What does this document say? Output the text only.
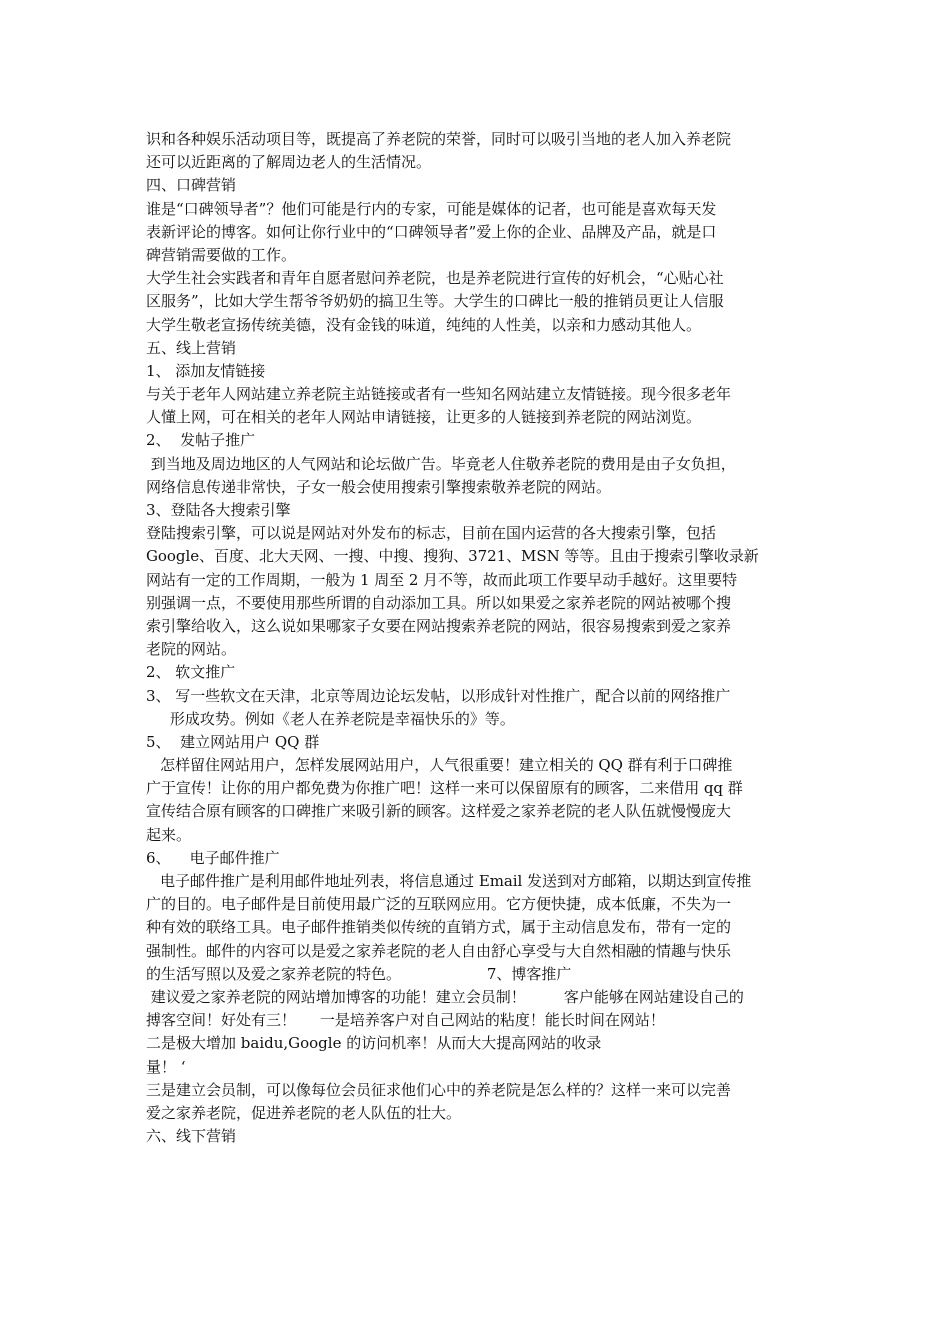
识和各种娱乐活动项目等，既提高了养老院的荣誉，同时可以吸引当地的老人加入养老院
还可以近距离的了解周边老人的生活情况。
四、口碑营销
谁是“口碑领导者”？他们可能是行内的专家，可能是媒体的记者，也可能是喜欢每天发
表新评论的博客。如何让你行业中的“口碑领导者”爱上你的企业、品牌及产品，就是口
碑营销需要做的工作。
大学生社会实践者和青年自愿者慰问养老院，也是养老院进行宣传的好机会，“心贴心社
区服务”，比如大学生帮爷爷奶奶的搞卫生等。大学生的口碑比一般的推销员更让人信服
大学生敬老宣扬传统美德，没有金钱的味道，纯纯的人性美，以亲和力感动其他人。
五、线上营销
1、 添加友情链接
与关于老年人网站建立养老院主站链接或者有一些知名网站建立友情链接。现今很多老年
人懂上网，可在相关的老年人网站申请链接，让更多的人链接到养老院的网站浏览。
2、  发帖子推广
到当地及周边地区的人气网站和论坛做广告。毕竟老人住敬养老院的费用是由子女负担，
网络信息传递非常快，子女一般会使用搜索引擎搜索敬养老院的网站。
3、登陆各大搜索引擎
登陆搜索引擎，可以说是网站对外发布的标志，目前在国内运营的各大搜索引擎，包括
Google、百度、北大天网、一搜、中搜、搜狗、3721、MSN 等等。且由于搜索引擎收录新
网站有一定的工作周期，一般为 1 周至 2 月不等，故而此项工作要早动手越好。这里要特
别强调一点，不要使用那些所谓的自动添加工具。所以如果爱之家养老院的网站被哪个搜
索引擎给收入，这么说如果哪家子女要在网站搜索养老院的网站，很容易搜索到爱之家养
老院的网站。
2、 软文推广
3、 写一些软文在天津，北京等周边论坛发帖，以形成针对性推广，配合以前的网络推广
形成攻势。例如《老人在养老院是幸福快乐的》等。
5、  建立网站用户 QQ 群
怎样留住网站用户，怎样发展网站用户，人气很重要！建立相关的 QQ 群有利于口碑推
广于宣传！让你的用户都免费为你推广吧！这样一来可以保留原有的顾客，二来借用 qq 群
宣传结合原有顾客的口碑推广来吸引新的顾客。这样爱之家养老院的老人队伍就慢慢庞大
起来。
6、    电子邮件推广
电子邮件推广是利用邮件地址列表，将信息通过 Email 发送到对方邮箱，以期达到宣传推
广的目的。电子邮件是目前使用最广泛的互联网应用。它方便快捷，成本低廉，不失为一
种有效的联络工具。电子邮件推销类似传统的直销方式，属于主动信息发布，带有一定的
强制性。邮件的内容可以是爱之家养老院的老人自由舒心享受与大自然相融的情趣与快乐
的生活写照以及爱之家养老院的特色。                  7、博客推广
建议爱之家养老院的网站增加博客的功能！建立会员制！        客户能够在网站建设自己的
搏客空间！好处有三！     一是培养客户对自己网站的粘度！能长时间在网站！
二是极大增加 baidu,Google 的访问机率！从而大大提高网站的收录
量！ ‘
三是建立会员制，可以像每位会员征求他们心中的养老院是怎么样的？这样一来可以完善
爱之家养老院，促进养老院的老人队伍的壮大。
六、线下营销
